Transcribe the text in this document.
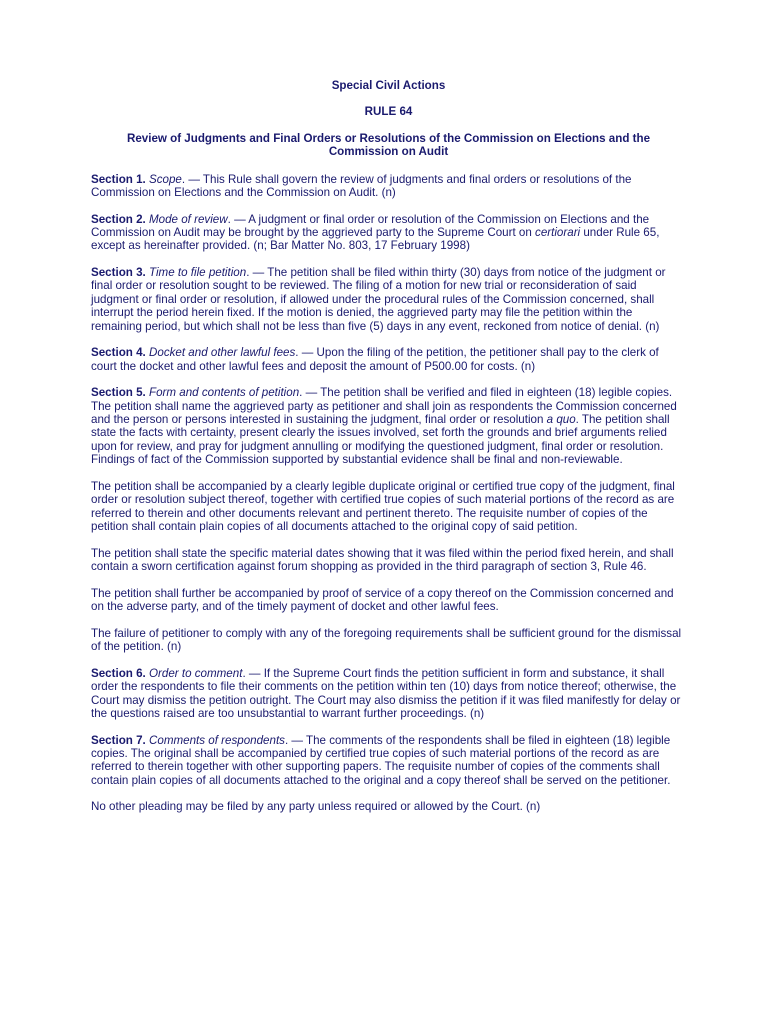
Special Civil Actions
RULE 64
Review of Judgments and Final Orders or Resolutions of the Commission on Elections and the Commission on Audit

Section 1. Scope. — This Rule shall govern the review of judgments and final orders or resolutions of the Commission on Elections and the Commission on Audit. (n)

Section 2. Mode of review. — A judgment or final order or resolution of the Commission on Elections and the Commission on Audit may be brought by the aggrieved party to the Supreme Court on certiorari under Rule 65, except as hereinafter provided. (n; Bar Matter No. 803, 17 February 1998)

Section 3. Time to file petition. — The petition shall be filed within thirty (30) days from notice of the judgment or final order or resolution sought to be reviewed. The filing of a motion for new trial or reconsideration of said judgment or final order or resolution, if allowed under the procedural rules of the Commission concerned, shall interrupt the period herein fixed. If the motion is denied, the aggrieved party may file the petition within the remaining period, but which shall not be less than five (5) days in any event, reckoned from notice of denial. (n)

Section 4. Docket and other lawful fees. — Upon the filing of the petition, the petitioner shall pay to the clerk of court the docket and other lawful fees and deposit the amount of P500.00 for costs. (n)

Section 5. Form and contents of petition. — The petition shall be verified and filed in eighteen (18) legible copies. The petition shall name the aggrieved party as petitioner and shall join as respondents the Commission concerned and the person or persons interested in sustaining the judgment, final order or resolution a quo. The petition shall state the facts with certainty, present clearly the issues involved, set forth the grounds and brief arguments relied upon for review, and pray for judgment annulling or modifying the questioned judgment, final order or resolution. Findings of fact of the Commission supported by substantial evidence shall be final and non-reviewable.

The petition shall be accompanied by a clearly legible duplicate original or certified true copy of the judgment, final order or resolution subject thereof, together with certified true copies of such material portions of the record as are referred to therein and other documents relevant and pertinent thereto. The requisite number of copies of the petition shall contain plain copies of all documents attached to the original copy of said petition.

The petition shall state the specific material dates showing that it was filed within the period fixed herein, and shall contain a sworn certification against forum shopping as provided in the third paragraph of section 3, Rule 46.

The petition shall further be accompanied by proof of service of a copy thereof on the Commission concerned and on the adverse party, and of the timely payment of docket and other lawful fees.

The failure of petitioner to comply with any of the foregoing requirements shall be sufficient ground for the dismissal of the petition. (n)

Section 6. Order to comment. — If the Supreme Court finds the petition sufficient in form and substance, it shall order the respondents to file their comments on the petition within ten (10) days from notice thereof; otherwise, the Court may dismiss the petition outright. The Court may also dismiss the petition if it was filed manifestly for delay or the questions raised are too unsubstantial to warrant further proceedings. (n)

Section 7. Comments of respondents. — The comments of the respondents shall be filed in eighteen (18) legible copies. The original shall be accompanied by certified true copies of such material portions of the record as are referred to therein together with other supporting papers. The requisite number of copies of the comments shall contain plain copies of all documents attached to the original and a copy thereof shall be served on the petitioner.

No other pleading may be filed by any party unless required or allowed by the Court. (n)
